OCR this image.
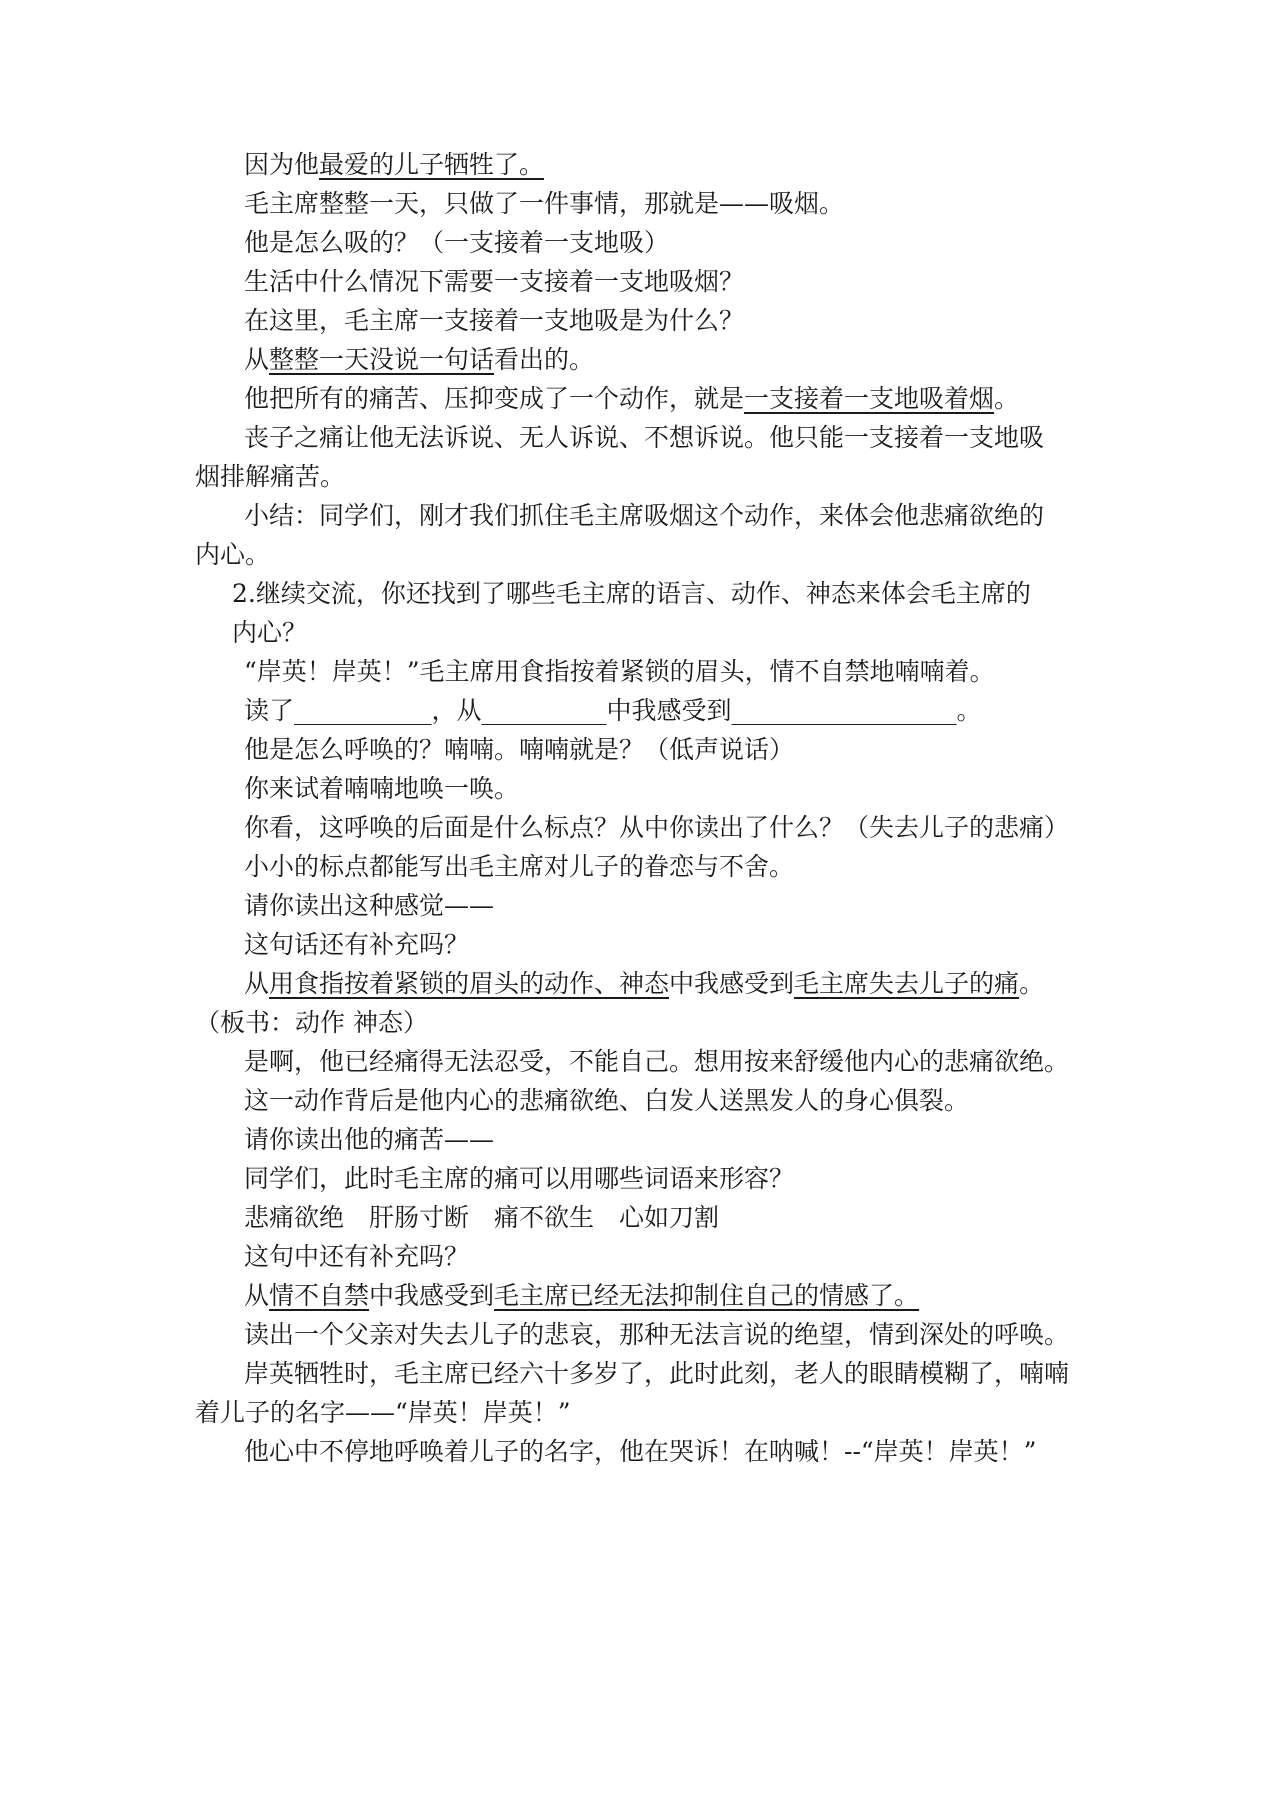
因为他最爱的儿子牺牲了。
毛主席整整一天，只做了一件事情，那就是——吸烟。
他是怎么吸的？（一支接着一支地吸）
生活中什么情况下需要一支接着一支地吸烟？
在这里，毛主席一支接着一支地吸是为什么？
从整整一天没说一句话看出的。
他把所有的痛苦、压抑变成了一个动作，就是一支接着一支地吸着烟。
丧子之痛让他无法诉说、无人诉说、不想诉说。他只能一支接着一支地吸
烟排解痛苦。
小结：同学们，刚才我们抓住毛主席吸烟这个动作，来体会他悲痛欲绝的
内心。
2.继续交流，你还找到了哪些毛主席的语言、动作、神态来体会毛主席的
内心？
“岸英！岸英！”毛主席用食指按着紧锁的眉头，情不自禁地喃喃着。
读了___________，从__________中我感受到__________________。
他是怎么呼唤的？喃喃。喃喃就是？（低声说话）
你来试着喃喃地唤一唤。
你看，这呼唤的后面是什么标点？从中你读出了什么？（失去儿子的悲痛）
小小的标点都能写出毛主席对儿子的眷恋与不舍。
请你读出这种感觉——
这句话还有补充吗？
从用食指按着紧锁的眉头的动作、神态中我感受到毛主席失去儿子的痛。
（板书：动作 神态）
是啊，他已经痛得无法忍受，不能自己。想用按来舒缓他内心的悲痛欲绝。
这一动作背后是他内心的悲痛欲绝、白发人送黑发人的身心俱裂。
请你读出他的痛苦——
同学们，此时毛主席的痛可以用哪些词语来形容？
悲痛欲绝　肝肠寸断　痛不欲生　心如刀割
这句中还有补充吗？
从情不自禁中我感受到毛主席已经无法抑制住自己的情感了。
读出一个父亲对失去儿子的悲哀，那种无法言说的绝望，情到深处的呼唤。
岸英牺牲时，毛主席已经六十多岁了，此时此刻，老人的眼睛模糊了，喃喃
着儿子的名字——“岸英！岸英！”
他心中不停地呼唤着儿子的名字，他在哭诉！在呐喊！--“岸英！岸英！”
